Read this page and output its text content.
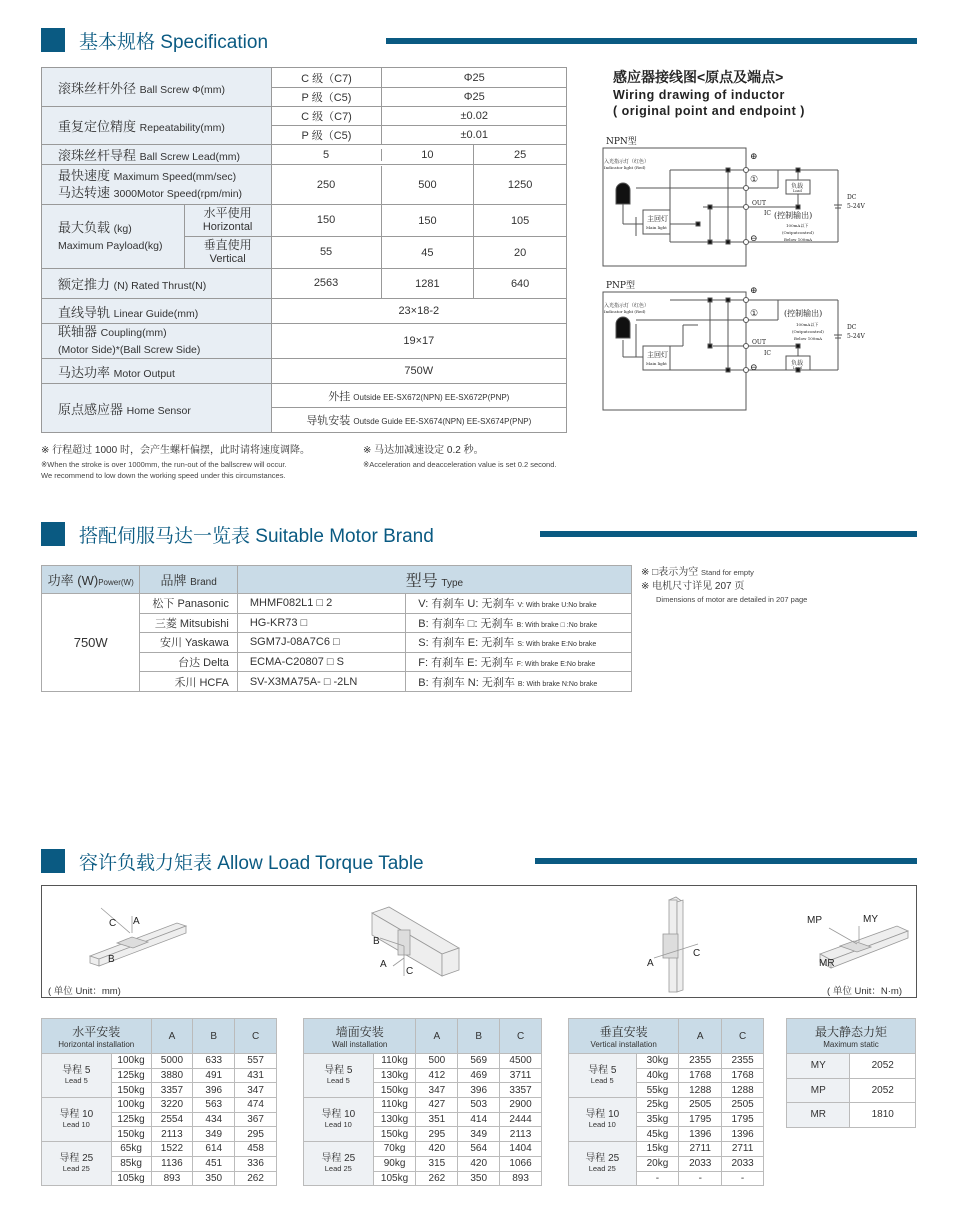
基本规格 Specification
滚珠丝杆外径 Ball Screw Φ(mm)		C 级（C7)	Φ25	
		P 级（C5)	Φ25	
重复定位精度 Repeatability(mm)		C 级（C7)	±0.02	
		P 级（C5)	±0.01	
滚珠丝杆导程 Ball Screw Lead(mm)		5 10		25
最快速度 Maximum Speed(mm/sec)
马达转速 3000Motor Speed(rpm/min)		250 500		1250
最大负载 (kg)
Maximum Payload(kg)	水平使用
Horizontal	150 150		105
	垂直使用
Vertical	55 45		20
额定推力 (N) Rated Thrust(N)		2563 1281		640
直线导轨 Linear Guide(mm)		23×18-2		
联轴器 Coupling(mm)
(Motor Side)*(Ball Screw Side)		19×17		
马达功率 Motor Output		750W		
原点感应器 Home Sensor		外挂 Outside EE-SX672(NPN) EE-SX672P(PNP)		
		导轨安装 Outsde Guide EE-SX674(NPN) EE-SX674P(PNP)		
※ 行程超过 1000 时，会产生螺杆偏摆，此时请将速度调降。
※When the stroke is over 1000mm, the run-out of the ballscrew will occur.
We recommend to low down the working speed under this circumstances.
※ 马达加减速设定 0.2 秒。
※Acceleration and deacceleration value is set 0.2 second.
感应器接线图<原点及端点>
Wiring drawing of inductor
( original point and endpoint )
NPN型
入光指示灯（红色）
Indicator light (Red)
主回灯
Main light
负载
Load
OUT
IC (控制输出)
100mA以下
(Outputcontrol)
Below 100mA
DC
5-24V
⊕
①
⊖
PNP型
入光指示灯（红色）
Indicator light (Red)
主回灯
Main light	负载
Load
OUT
IC
(控制输出)
100mA以下
(Outputcontrol)
Below 100mA
DC
5-24V
⊕
①
⊖
搭配伺服马达一览表 Suitable Motor Brand
功率 (W)Power(W)	品牌 Brand	型号 Type	
750W	松下 Panasonic	MHMF082L1 □ 2	V: 有刹车 U: 无刹车 V: With brake U:No brake
	三菱 Mitsubishi	HG-KR73 □	B: 有刹车 □: 无刹车 B: With brake □ :No brake
	安川 Yaskawa	SGM7J-08A7C6 □	S: 有刹车 E: 无刹车 S: With brake E:No brake
	台达 Delta	ECMA-C20807 □ S	F: 有刹车 E: 无刹车 F: With brake E:No brake
	禾川 HCFA	SV-X3MA75A- □ -2LN	B: 有刹车 N: 无刹车 B: With brake N:No brake
※ □表示为空 Stand for empty
※ 电机尺寸详见 207 页
Dimensions of motor are detailed in 207 page
容许负载力矩表 Allow Load Torque Table
C A
B
B
A
C
A
C
MP	MY
MR
( 单位 Unit：mm)	( 单位 Unit：N·m)
水平安装
Horizontal installation		A	B	C
导程 5
Lead 5	100kg	5000	633	557
	125kg	3880	491	431
	150kg	3357	396	347
导程 10
Lead 10	100kg	3220	563	474
	125kg	2554	434	367
	150kg	2113	349	295
导程 25
Lead 25	65kg	1522	614	458
	85kg	1136	451	336
	105kg	893	350	262
墙面安装
Wall installation		A	B	C
导程 5
Lead 5	110kg	500	569	4500
	130kg	412	469	3711
	150kg	347	396	3357
导程 10
Lead 10	110kg	427	503	2900
	130kg	351	414	2444
	150kg	295	349	2113
导程 25
Lead 25	70kg	420	564	1404
	90kg	315	420	1066
	105kg	262	350	893
垂直安装
Vertical installation		A	C
导程 5
Lead 5	30kg	2355	2355
	40kg	1768	1768
	55kg	1288	1288
导程 10
Lead 10	25kg	2505	2505
	35kg	1795	1795
	45kg	1396	1396
导程 25
Lead 25	15kg	2711	2711
	20kg	2033	2033
	-	-	-
最大静态力矩
Maximum static	

MY	2052
MP	2052
MR	1810
